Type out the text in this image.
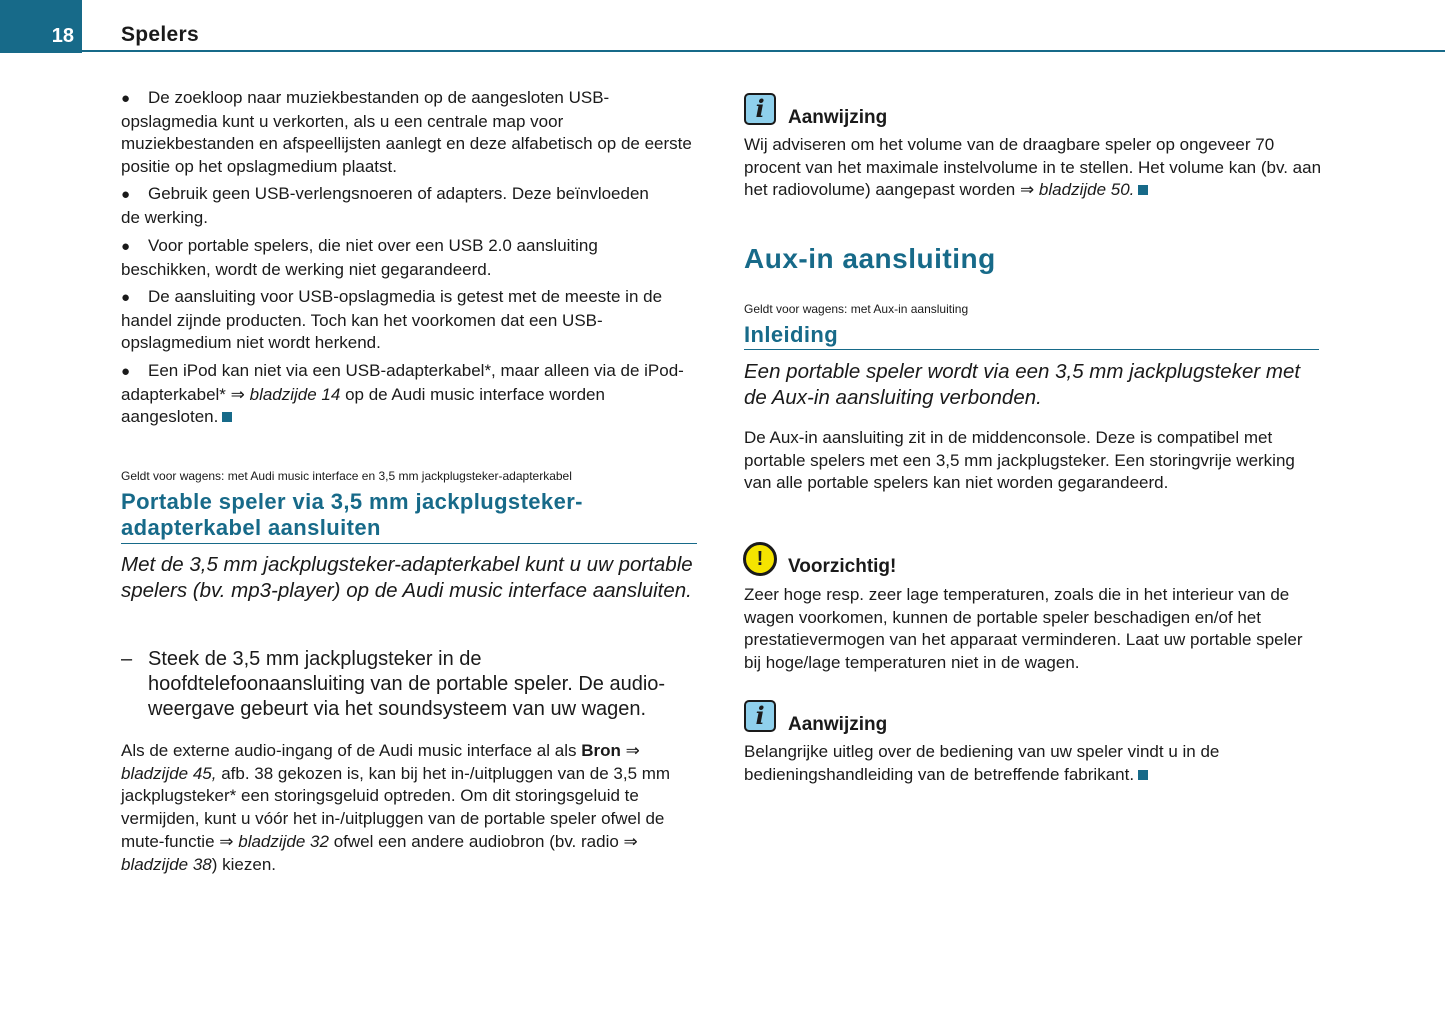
18 Spelers

● De zoekloop naar muziekbestanden op de aangesloten USB-opslagmedia kunt u verkorten, als u een centrale map voor muziekbestanden en afspeellijsten aanlegt en deze alfabetisch op de eerste positie op het opslagmedium plaatst.

● Gebruik geen USB-verlengsnoeren of adapters. Deze beïnvloeden de werking.

● Voor portable spelers, die niet over een USB 2.0 aansluiting beschikken, wordt de werking niet gegarandeerd.

● De aansluiting voor USB-opslagmedia is getest met de meeste in de handel zijnde producten. Toch kan het voorkomen dat een USB-opslagmedium niet wordt herkend.

● Een iPod kan niet via een USB-adapterkabel*, maar alleen via de iPod-adapterkabel* ⇒ bladzijde 14 op de Audi music interface worden aangesloten.

Geldt voor wagens: met Audi music interface en 3,5 mm jackplugsteker-adapterkabel
Portable speler via 3,5 mm jackplugsteker-adapterkabel aansluiten
Met de 3,5 mm jackplugsteker-adapterkabel kunt u uw portable spelers (bv. mp3-player) op de Audi music interface aansluiten.
– Steek de 3,5 mm jackplugsteker in de hoofdtelefoonaansluiting van de portable speler. De audio-weergave gebeurt via het soundsysteem van uw wagen.

Als de externe audio-ingang of de Audi music interface al als Bron ⇒ bladzijde 45, afb. 38 gekozen is, kan bij het in-/uitpluggen van de 3,5 mm jackplugsteker* een storingsgeluid optreden. Om dit storingsgeluid te vermijden, kunt u vóór het in-/uitpluggen van de portable speler ofwel de mute-functie ⇒ bladzijde 32 ofwel een andere audiobron (bv. radio ⇒ bladzijde 38) kiezen.

i Aanwijzing

Wij adviseren om het volume van de draagbare speler op ongeveer 70 procent van het maximale instelvolume in te stellen. Het volume kan (bv. aan het radiovolume) aangepast worden ⇒ bladzijde 50.

Aux-in aansluiting
Geldt voor wagens: met Aux-in aansluiting
Inleiding
Een portable speler wordt via een 3,5 mm jackplugsteker met de Aux-in aansluiting verbonden.

De Aux-in aansluiting zit in de middenconsole. Deze is compatibel met portable spelers met een 3,5 mm jackplugsteker. Een storingvrije werking van alle portable spelers kan niet worden gegarandeerd.

!	Voorzichtig!

Zeer hoge resp. zeer lage temperaturen, zoals die in het interieur van de wagen voorkomen, kunnen de portable speler beschadigen en/of het prestatievermogen van het apparaat verminderen. Laat uw portable speler bij hoge/lage temperaturen niet in de wagen.

i Aanwijzing

Belangrijke uitleg over de bediening van uw speler vindt u in de bedieningshandleiding van de betreffende fabrikant.
